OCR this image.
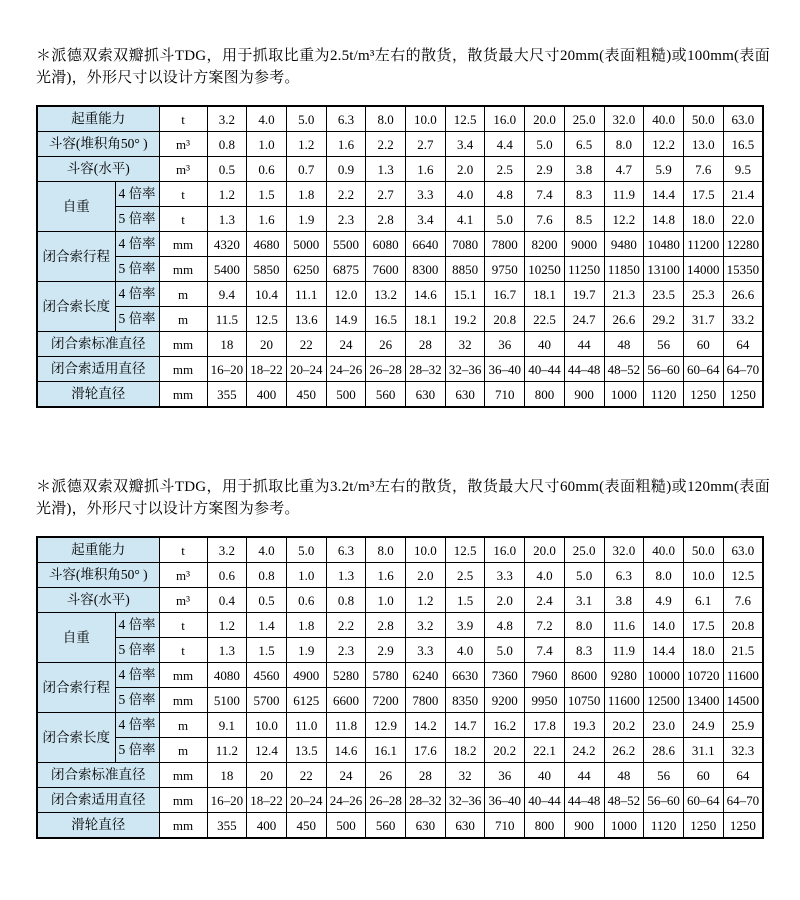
＊派德双索双瓣抓斗TDG，用于抓取比重为2.5t/m³左右的散货，散货最大尺寸20mm(表面粗糙)或100mm(表面光滑)，外形尺寸以设计方案图为参考。

起重能力		t	3.2	4.0	5.0	6.3	8.0	10.0	12.5	16.0	20.0	25.0	32.0	40.0	50.0	63.0
斗容(堆积角50° )		m³	0.8	1.0	1.2	1.6	2.2	2.7	3.4	4.4	5.0	6.5	8.0	12.2	13.0	16.5
斗容(水平)		m³	0.5	0.6	0.7	0.9	1.3	1.6	2.0	2.5	2.9	3.8	4.7	5.9	7.6	9.5
自重	4 倍率	t	1.2	1.5	1.8	2.2	2.7	3.3	4.0	4.8	7.4	8.3	11.9	14.4	17.5	21.4
	5 倍率	t	1.3	1.6	1.9	2.3	2.8	3.4	4.1	5.0	7.6	8.5	12.2	14.8	18.0	22.0
闭合索行程	4 倍率	mm	4320	4680	5000	5500	6080	6640	7080	7800	8200	9000	9480	10480	11200	12280
	5 倍率	mm	5400	5850	6250	6875	7600	8300	8850	9750	10250	11250	11850	13100	14000	15350
闭合索长度	4 倍率	m	9.4	10.4	11.1	12.0	13.2	14.6	15.1	16.7	18.1	19.7	21.3	23.5	25.3	26.6
	5 倍率	m	11.5	12.5	13.6	14.9	16.5	18.1	19.2	20.8	22.5	24.7	26.6	29.2	31.7	33.2
闭合索标准直径		mm	18	20	22	24	26	28	32	36	40	44	48	56	60	64
闭合索适用直径		mm	16–20	18–22	20–24	24–26	26–28	28–32	32–36	36–40	40–44	44–48	48–52	56–60	60–64	64–70
滑轮直径		mm	355	400	450	500	560	630	630	710	800	900	1000	1120	1250	1250

＊派德双索双瓣抓斗TDG，用于抓取比重为3.2t/m³左右的散货，散货最大尺寸60mm(表面粗糙)或120mm(表面光滑)，外形尺寸以设计方案图为参考。

起重能力		t	3.2	4.0	5.0	6.3	8.0	10.0	12.5	16.0	20.0	25.0	32.0	40.0	50.0	63.0
斗容(堆积角50° )		m³	0.6	0.8	1.0	1.3	1.6	2.0	2.5	3.3	4.0	5.0	6.3	8.0	10.0	12.5
斗容(水平)		m³	0.4	0.5	0.6	0.8	1.0	1.2	1.5	2.0	2.4	3.1	3.8	4.9	6.1	7.6
自重	4 倍率	t	1.2	1.4	1.8	2.2	2.8	3.2	3.9	4.8	7.2	8.0	11.6	14.0	17.5	20.8
	5 倍率	t	1.3	1.5	1.9	2.3	2.9	3.3	4.0	5.0	7.4	8.3	11.9	14.4	18.0	21.5
闭合索行程	4 倍率	mm	4080	4560	4900	5280	5780	6240	6630	7360	7960	8600	9280	10000	10720	11600
	5 倍率	mm	5100	5700	6125	6600	7200	7800	8350	9200	9950	10750	11600	12500	13400	14500
闭合索长度	4 倍率	m	9.1	10.0	11.0	11.8	12.9	14.2	14.7	16.2	17.8	19.3	20.2	23.0	24.9	25.9
	5 倍率	m	11.2	12.4	13.5	14.6	16.1	17.6	18.2	20.2	22.1	24.2	26.2	28.6	31.1	32.3
闭合索标准直径		mm	18	20	22	24	26	28	32	36	40	44	48	56	60	64
闭合索适用直径		mm	16–20	18–22	20–24	24–26	26–28	28–32	32–36	36–40	40–44	44–48	48–52	56–60	60–64	64–70
滑轮直径		mm	355	400	450	500	560	630	630	710	800	900	1000	1120	1250	1250
